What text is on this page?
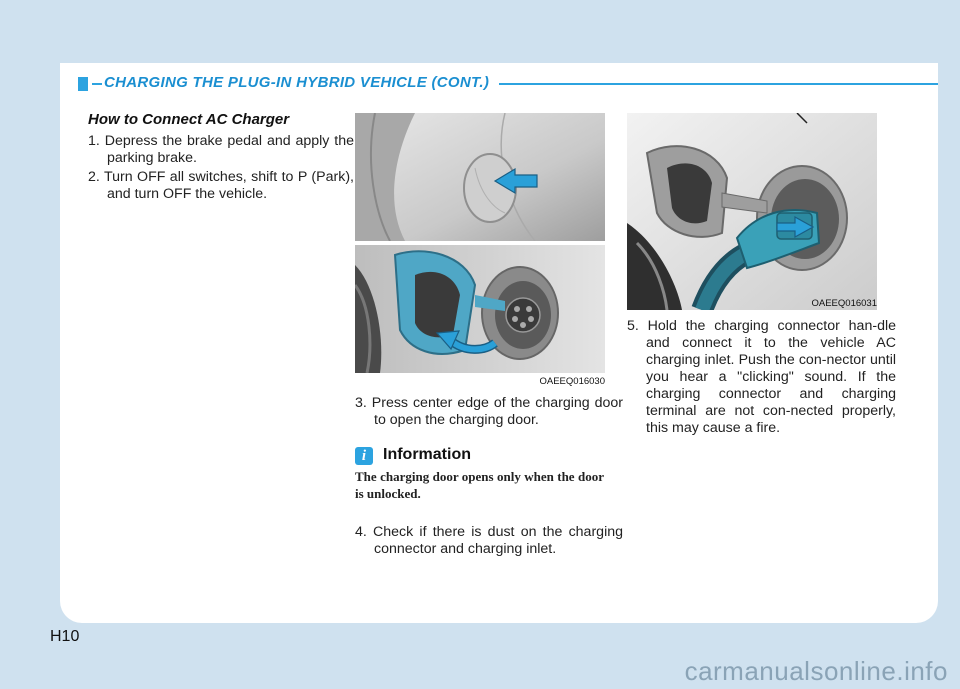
CHARGING THE PLUG-IN HYBRID VEHICLE (CONT.)
How to Connect AC Charger

1. Depress the brake pedal and apply the parking brake.

2. Turn OFF all switches, shift to P (Park), and turn OFF the vehicle.

OAEEQ016030

3. Press center edge of the charging door to open the charging door.

i	Information
The charging door opens only when the door is unlocked.

4. Check if there is dust on the charging connector and charging inlet.

OAEEQ016031

5. Hold the charging connector han-dle and connect it to the vehicle AC charging inlet. Push the con-nector until you hear a "clicking" sound. If the charging connector and charging terminal are not con-nected properly, this may cause a fire.

H10
carmanualsonline.info
